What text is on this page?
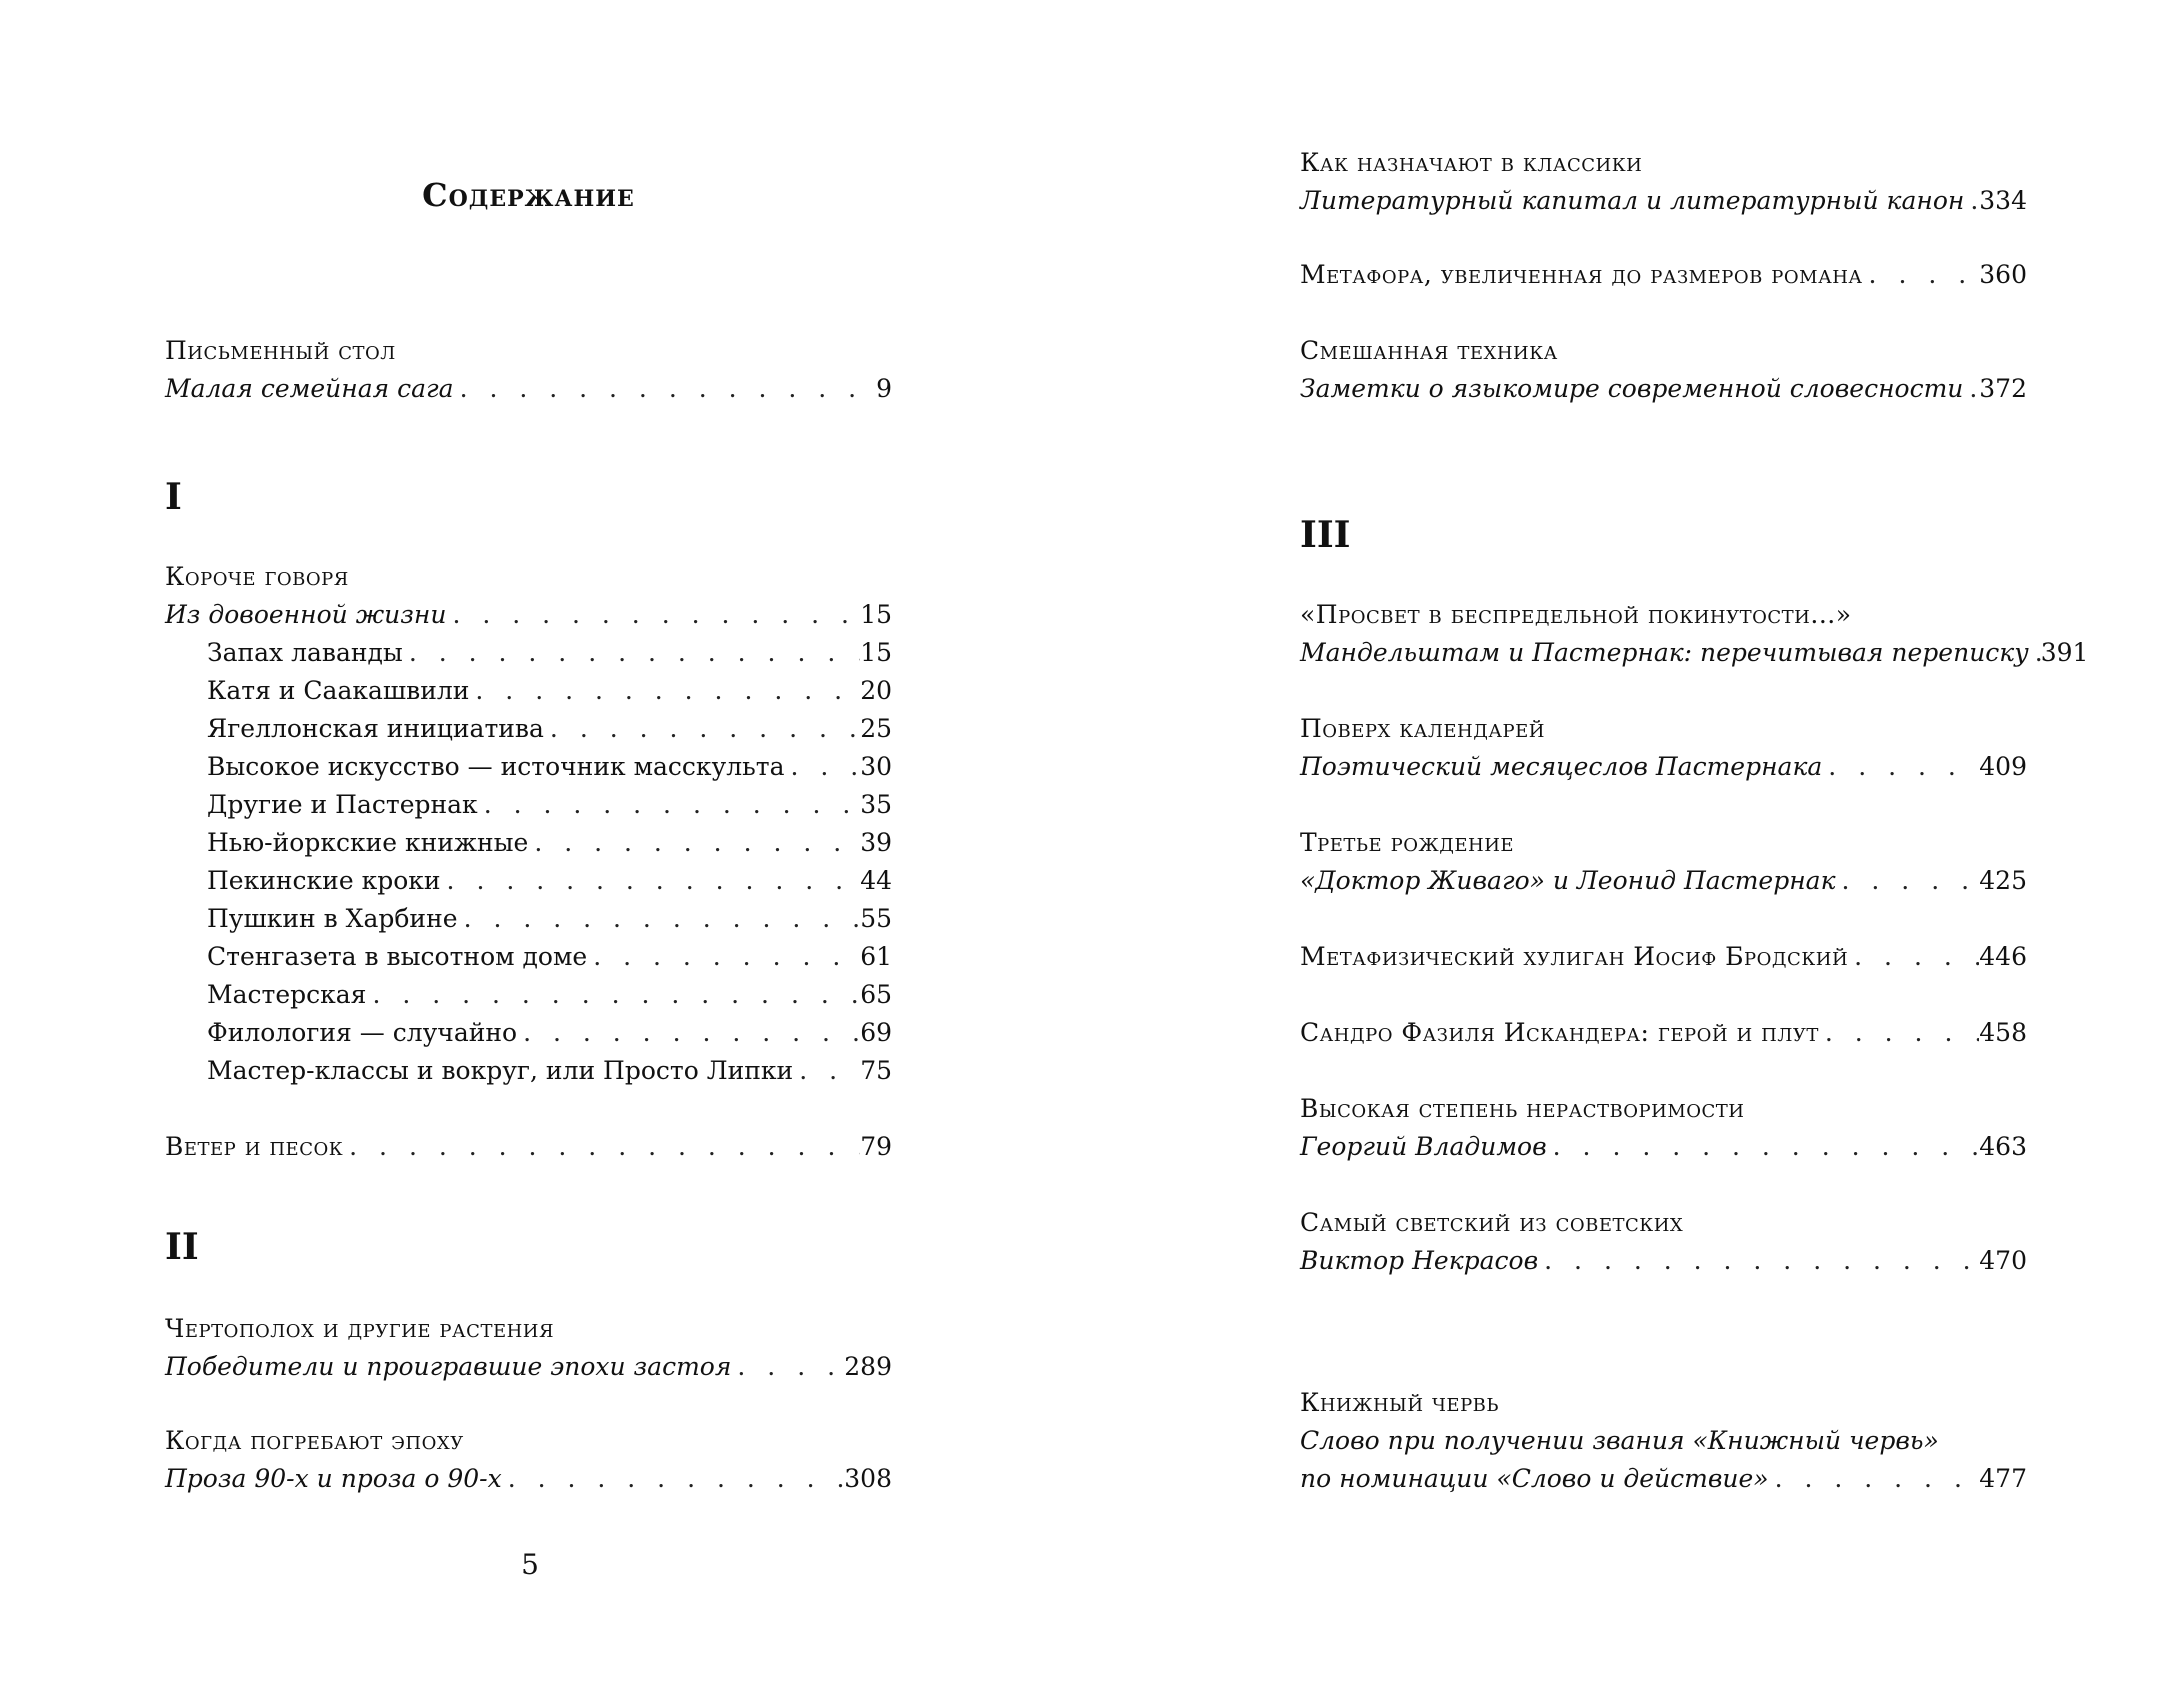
Содержание
Письменный стол
Малая семейная сага . . .	9
I
Короче говоря
Из довоенной жизни . . .	15
Запах лаванды . . .	15
Катя и Саакашвили . . .	20
Ягеллонская инициатива . . .	25
Высокое искусство — источник масскульта . . .	30
Другие и Пастернак . . .	35
Нью-йоркские книжные . . .	39
Пекинские кроки . . .	44
Пушкин в Харбине . . .	55
Стенгазета в высотном доме . . .	61
Мастерская . . .	65
Филология — случайно . . .	69
Мастер-классы и вокруг, или Просто Липки . . .	75
Ветер и песок . . .	79
II
Чертополох и другие растения
Победители и проигравшие эпохи застоя . . .	289
Когда погребают эпоху
Проза 90-х и проза о 90-х . . .	308
5
Как назначают в классики
Литературный капитал и литературный канон . . . 334
Метафора, увеличенная до размеров романа . . .	360
Смешанная техника
Заметки о языкомире современной словесности . . . 372
III
«Просвет в беспредельной покинутости...»
Мандельштам и Пастернак: перечитывая переписку . . . 391
Поверх календарей
Поэтический месяцеслов Пастернака . . .	409
Третье рождение
«Доктор Живаго» и Леонид Пастернак . . .	425
Метафизический хулиган Иосиф Бродский . . .	446
Сандро Фазиля Искандера: герой и плут . . .	458
Высокая степень нерастворимости
Георгий Владимов . . .	463
Самый светский из советских
Виктор Некрасов . . .	470
Книжный червь
Слово при получении звания «Книжный червь»
по номинации «Слово и действие» . . .	477
